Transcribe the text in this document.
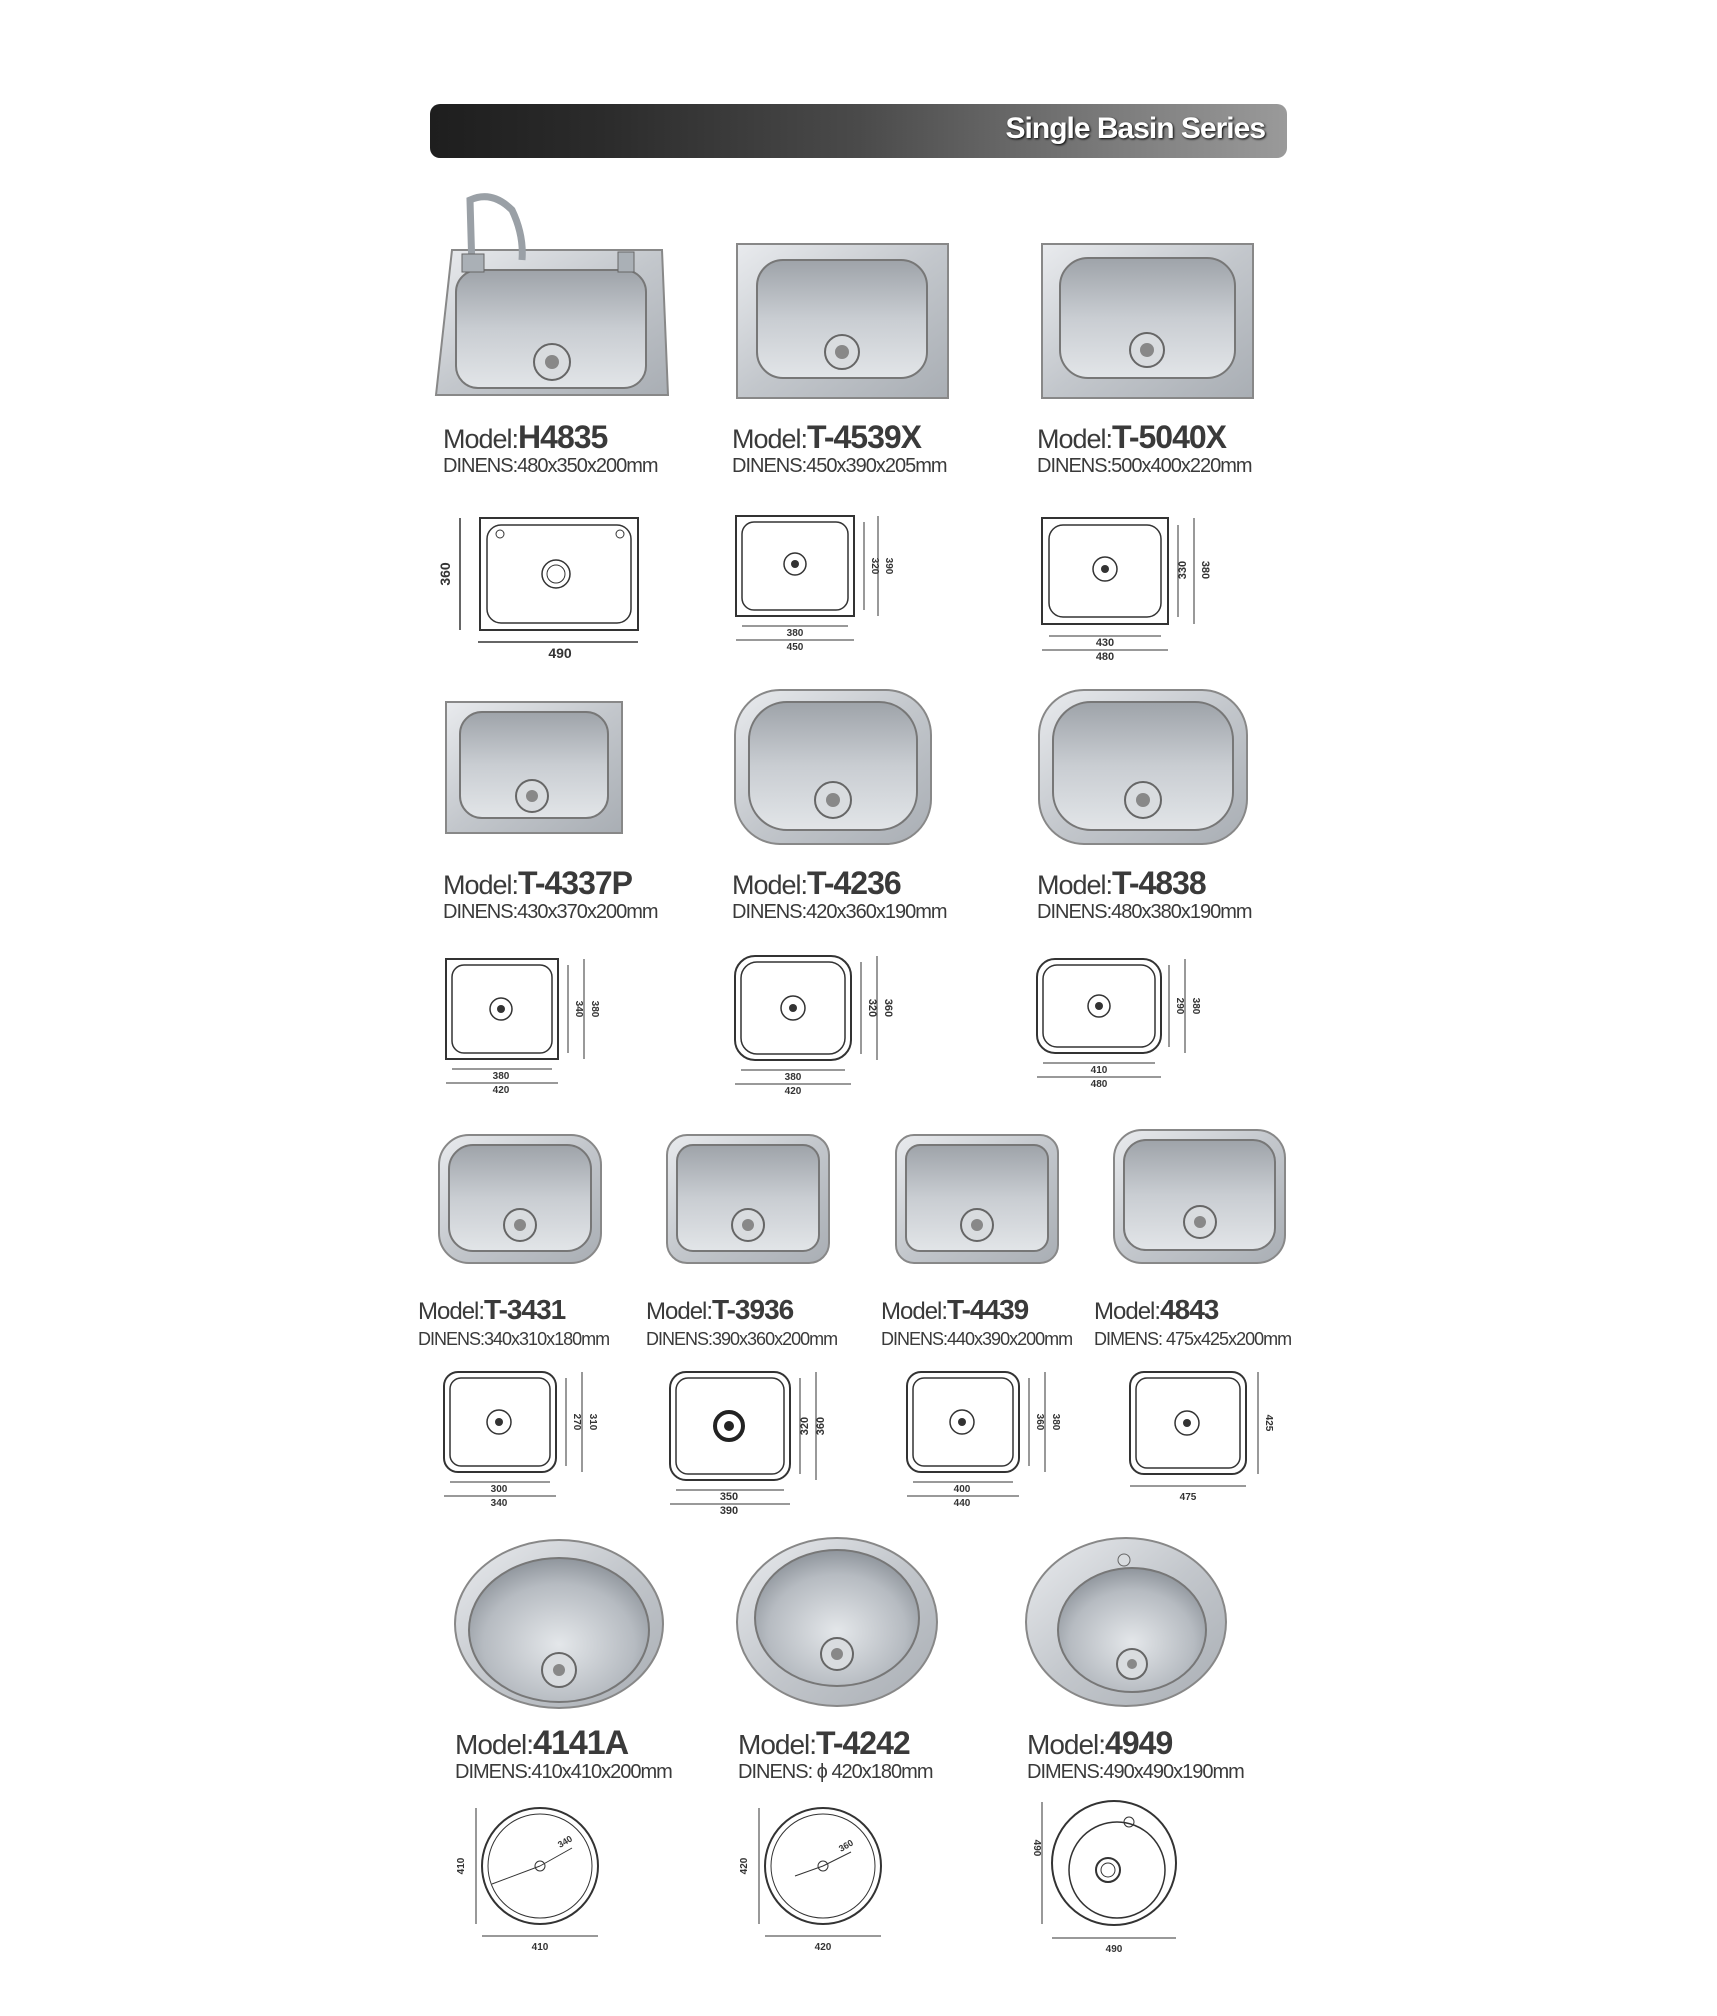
Single Basin Series
Model:H4835
DINENS:480x350x200mm
Model:T-4539X
DINENS:450x390x205mm
Model:T-5040X
DINENS:500x400x220mm
360
490
320 390
380
450
330 380
430
480
Model:T-4337P
DINENS:430x370x200mm
Model:T-4236
DINENS:420x360x190mm
Model:T-4838
DINENS:480x380x190mm
340 380
380
420
320 360
380
420
290 380
410
480
Model:T-3431
DINENS:340x310x180mm
Model:T-3936
DINENS:390x360x200mm
Model:T-4439
DINENS:440x390x200mm
Model:4843
DIMENS: 475x425x200mm
270 310
300
340
320 360
350
390
360 380
400
440
425
475
Model:4141A
DIMENS:410x410x200mm
Model:T-4242
DINENS: ϕ 420x180mm
Model:4949
DIMENS:490x490x190mm
410
340
410
420
360
420
490
490
